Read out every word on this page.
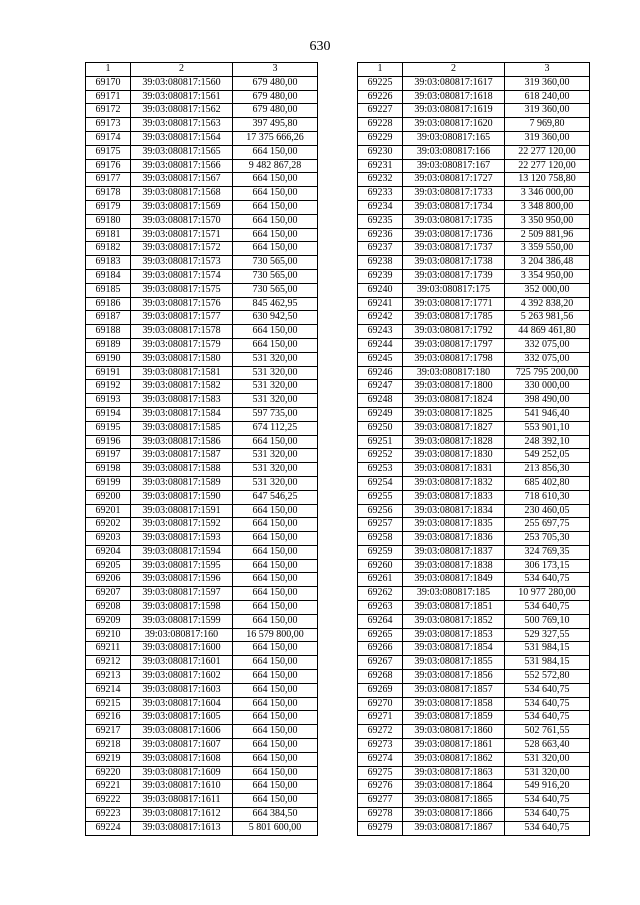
630
1	2	3
69170	39:03:080817:1560	679 480,00
69171	39:03:080817:1561	679 480,00
69172	39:03:080817:1562	679 480,00
69173	39:03:080817:1563	397 495,80
69174	39:03:080817:1564	17 375 666,26
69175	39:03:080817:1565	664 150,00
69176	39:03:080817:1566	9 482 867,28
69177	39:03:080817:1567	664 150,00
69178	39:03:080817:1568	664 150,00
69179	39:03:080817:1569	664 150,00
69180	39:03:080817:1570	664 150,00
69181	39:03:080817:1571	664 150,00
69182	39:03:080817:1572	664 150,00
69183	39:03:080817:1573	730 565,00
69184	39:03:080817:1574	730 565,00
69185	39:03:080817:1575	730 565,00
69186	39:03:080817:1576	845 462,95
69187	39:03:080817:1577	630 942,50
69188	39:03:080817:1578	664 150,00
69189	39:03:080817:1579	664 150,00
69190	39:03:080817:1580	531 320,00
69191	39:03:080817:1581	531 320,00
69192	39:03:080817:1582	531 320,00
69193	39:03:080817:1583	531 320,00
69194	39:03:080817:1584	597 735,00
69195	39:03:080817:1585	674 112,25
69196	39:03:080817:1586	664 150,00
69197	39:03:080817:1587	531 320,00
69198	39:03:080817:1588	531 320,00
69199	39:03:080817:1589	531 320,00
69200	39:03:080817:1590	647 546,25
69201	39:03:080817:1591	664 150,00
69202	39:03:080817:1592	664 150,00
69203	39:03:080817:1593	664 150,00
69204	39:03:080817:1594	664 150,00
69205	39:03:080817:1595	664 150,00
69206	39:03:080817:1596	664 150,00
69207	39:03:080817:1597	664 150,00
69208	39:03:080817:1598	664 150,00
69209	39:03:080817:1599	664 150,00
69210	39:03:080817:160	16 579 800,00
69211	39:03:080817:1600	664 150,00
69212	39:03:080817:1601	664 150,00
69213	39:03:080817:1602	664 150,00
69214	39:03:080817:1603	664 150,00
69215	39:03:080817:1604	664 150,00
69216	39:03:080817:1605	664 150,00
69217	39:03:080817:1606	664 150,00
69218	39:03:080817:1607	664 150,00
69219	39:03:080817:1608	664 150,00
69220	39:03:080817:1609	664 150,00
69221	39:03:080817:1610	664 150,00
69222	39:03:080817:1611	664 150,00
69223	39:03:080817:1612	664 384,50
69224	39:03:080817:1613	5 801 600,00
1	2	3
69225	39:03:080817:1617	319 360,00
69226	39:03:080817:1618	618 240,00
69227	39:03:080817:1619	319 360,00
69228	39:03:080817:1620	7 969,80
69229	39:03:080817:165	319 360,00
69230	39:03:080817:166	22 277 120,00
69231	39:03:080817:167	22 277 120,00
69232	39:03:080817:1727	13 120 758,80
69233	39:03:080817:1733	3 346 000,00
69234	39:03:080817:1734	3 348 800,00
69235	39:03:080817:1735	3 350 950,00
69236	39:03:080817:1736	2 509 881,96
69237	39:03:080817:1737	3 359 550,00
69238	39:03:080817:1738	3 204 386,48
69239	39:03:080817:1739	3 354 950,00
69240	39:03:080817:175	352 000,00
69241	39:03:080817:1771	4 392 838,20
69242	39:03:080817:1785	5 263 981,56
69243	39:03:080817:1792	44 869 461,80
69244	39:03:080817:1797	332 075,00
69245	39:03:080817:1798	332 075,00
69246	39:03:080817:180	725 795 200,00
69247	39:03:080817:1800	330 000,00
69248	39:03:080817:1824	398 490,00
69249	39:03:080817:1825	541 946,40
69250	39:03:080817:1827	553 901,10
69251	39:03:080817:1828	248 392,10
69252	39:03:080817:1830	549 252,05
69253	39:03:080817:1831	213 856,30
69254	39:03:080817:1832	685 402,80
69255	39:03:080817:1833	718 610,30
69256	39:03:080817:1834	230 460,05
69257	39:03:080817:1835	255 697,75
69258	39:03:080817:1836	253 705,30
69259	39:03:080817:1837	324 769,35
69260	39:03:080817:1838	306 173,15
69261	39:03:080817:1849	534 640,75
69262	39:03:080817:185	10 977 280,00
69263	39:03:080817:1851	534 640,75
69264	39:03:080817:1852	500 769,10
69265	39:03:080817:1853	529 327,55
69266	39:03:080817:1854	531 984,15
69267	39:03:080817:1855	531 984,15
69268	39:03:080817:1856	552 572,80
69269	39:03:080817:1857	534 640,75
69270	39:03:080817:1858	534 640,75
69271	39:03:080817:1859	534 640,75
69272	39:03:080817:1860	502 761,55
69273	39:03:080817:1861	528 663,40
69274	39:03:080817:1862	531 320,00
69275	39:03:080817:1863	531 320,00
69276	39:03:080817:1864	549 916,20
69277	39:03:080817:1865	534 640,75
69278	39:03:080817:1866	534 640,75
69279	39:03:080817:1867	534 640,75
